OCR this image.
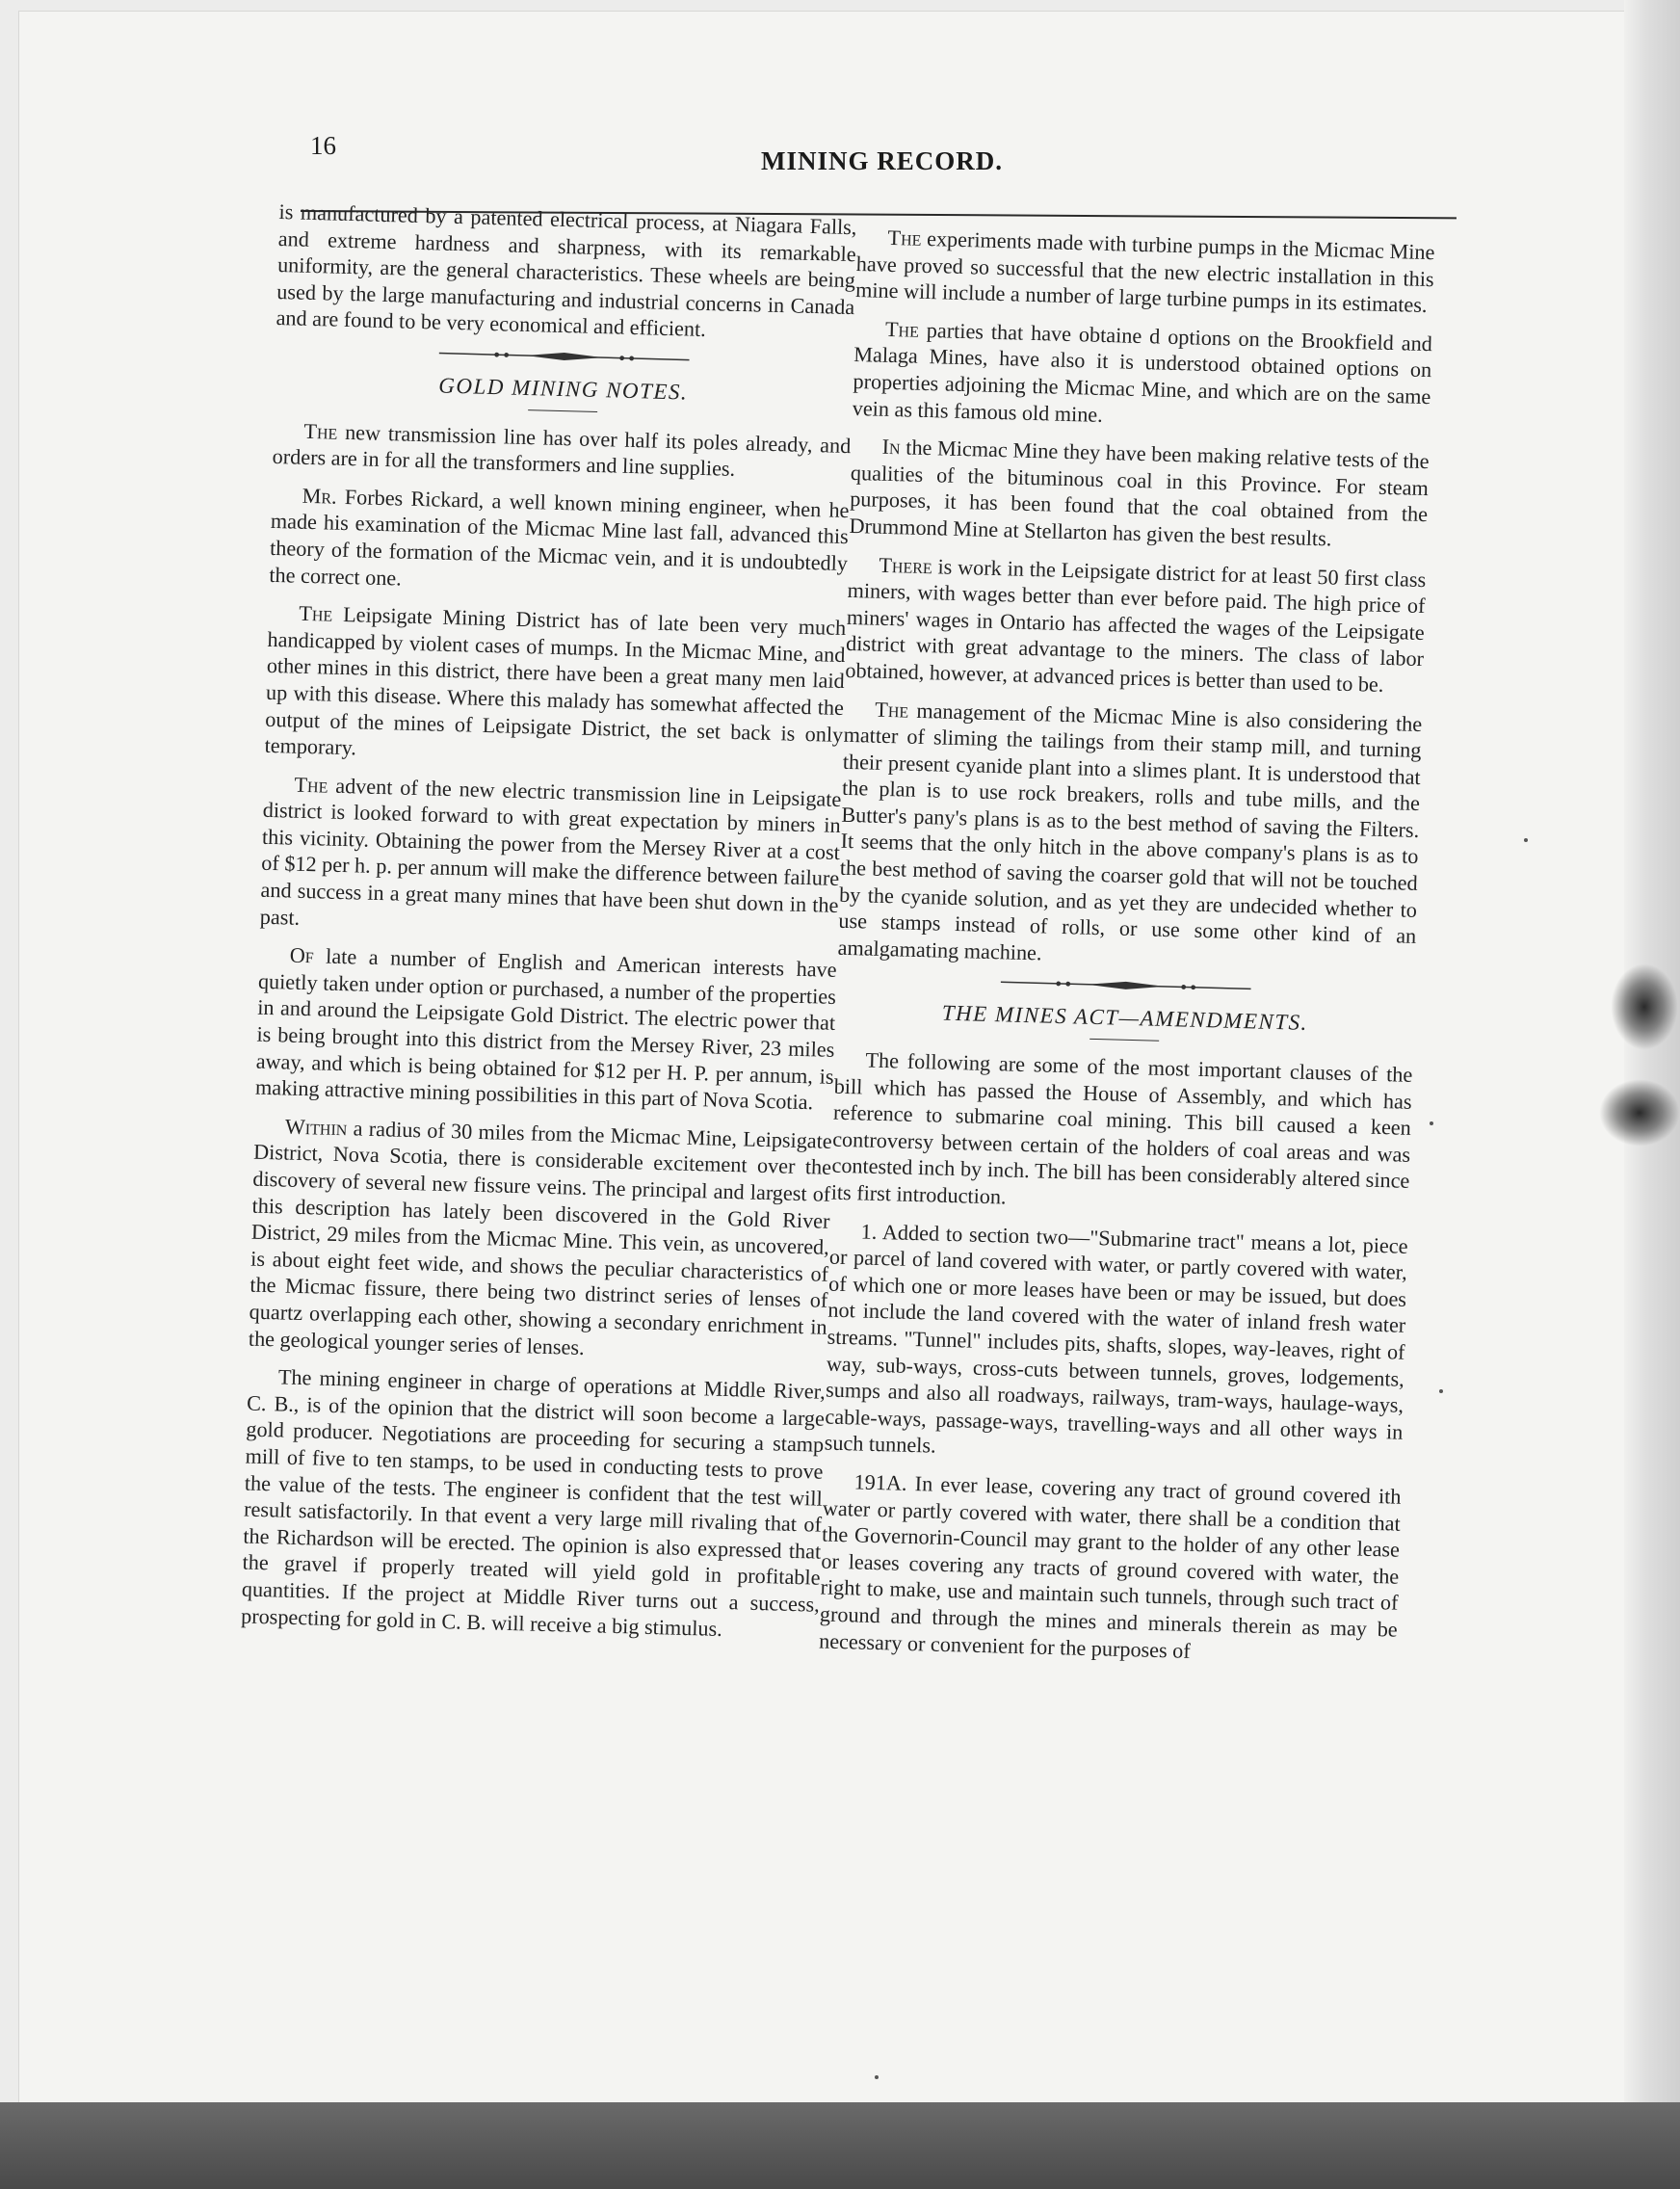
16
MINING RECORD.

is manufactured by a patented electrical process, at Niagara Falls, and extreme hardness and sharpness, with its remarkable uniformity, are the general characteristics. These wheels are being used by the large manufacturing and industrial concerns in Canada and are found to be very economical and efficient.

GOLD MINING NOTES.

The new transmission line has over half its poles already, and orders are in for all the transformers and line supplies.

Mr. Forbes Rickard, a well known mining engineer, when he made his examination of the Micmac Mine last fall, advanced this theory of the formation of the Micmac vein, and it is undoubtedly the correct one.

The Leipsigate Mining District has of late been very much handicapped by violent cases of mumps. In the Micmac Mine, and other mines in this district, there have been a great many men laid up with this disease. Where this malady has somewhat affected the output of the mines of Leipsigate District, the set back is only temporary.

The advent of the new electric transmission line in Leipsigate district is looked forward to with great expectation by miners in this vicinity. Obtaining the power from the Mersey River at a cost of $12 per h. p. per annum will make the difference between failure and success in a great many mines that have been shut down in the past.

Of late a number of English and American interests have quietly taken under option or purchased, a number of the properties in and around the Leipsigate Gold District. The electric power that is being brought into this district from the Mersey River, 23 miles away, and which is being obtained for $12 per H. P. per annum, is making attractive mining possibilities in this part of Nova Scotia.

Within a radius of 30 miles from the Micmac Mine, Leipsigate District, Nova Scotia, there is considerable excitement over the discovery of several new fissure veins. The principal and largest of this description has lately been discovered in the Gold River District, 29 miles from the Micmac Mine. This vein, as uncovered, is about eight feet wide, and shows the peculiar characteristics of the Micmac fissure, there being two distrinct series of lenses of quartz overlapping each other, showing a secondary enrichment in the geological younger series of lenses.

The mining engineer in charge of operations at Middle River, C. B., is of the opinion that the district will soon become a large gold producer. Negotiations are proceeding for securing a stamp mill of five to ten stamps, to be used in conducting tests to prove the value of the tests. The engineer is confident that the test will result satisfactorily. In that event a very large mill rivaling that of the Richardson will be erected. The opinion is also expressed that the gravel if properly treated will yield gold in profitable quantities. If the project at Middle River turns out a success, prospecting for gold in C. B. will receive a big stimulus.

The experiments made with turbine pumps in the Micmac Mine have proved so successful that the new electric installation in this mine will include a number of large turbine pumps in its estimates.

The parties that have obtaine d options on the Brookfield and Malaga Mines, have also it is understood obtained options on properties adjoining the Micmac Mine, and which are on the same vein as this famous old mine.

In the Micmac Mine they have been making relative tests of the qualities of the bituminous coal in this Province. For steam purposes, it has been found that the coal obtained from the Drummond Mine at Stellarton has given the best results.

There is work in the Leipsigate district for at least 50 first class miners, with wages better than ever before paid. The high price of miners' wages in Ontario has affected the wages of the Leipsigate district with great advantage to the miners. The class of labor obtained, however, at advanced prices is better than used to be.

The management of the Micmac Mine is also considering the matter of sliming the tailings from their stamp mill, and turning their present cyanide plant into a slimes plant. It is understood that the plan is to use rock breakers, rolls and tube mills, and the Butter's pany's plans is as to the best method of saving the Filters. It seems that the only hitch in the above company's plans is as to the best method of saving the coarser gold that will not be touched by the cyanide solution, and as yet they are undecided whether to use stamps instead of rolls, or use some other kind of an amalgamating machine.

THE MINES ACT—AMENDMENTS.

The following are some of the most important clauses of the bill which has passed the House of Assembly, and which has reference to submarine coal mining. This bill caused a keen controversy between certain of the holders of coal areas and was contested inch by inch. The bill has been considerably altered since its first introduction.

1. Added to section two—"Submarine tract" means a lot, piece or parcel of land covered with water, or partly covered with water, of which one or more leases have been or may be issued, but does not include the land covered with the water of inland fresh water streams. "Tunnel" includes pits, shafts, slopes, way-leaves, right of way, sub-ways, cross-cuts between tunnels, groves, lodgements, sumps and also all roadways, railways, tram-ways, haulage-ways, cable-ways, passage-ways, travelling-ways and all other ways in such tunnels.

191A. In ever lease, covering any tract of ground covered ith water or partly covered with water, there shall be a condition that the Governorin-Council may grant to the holder of any other lease or leases covering any tracts of ground covered with water, the right to make, use and maintain such tunnels, through such tract of ground and through the mines and minerals therein as may be necessary or convenient for the purposes of
